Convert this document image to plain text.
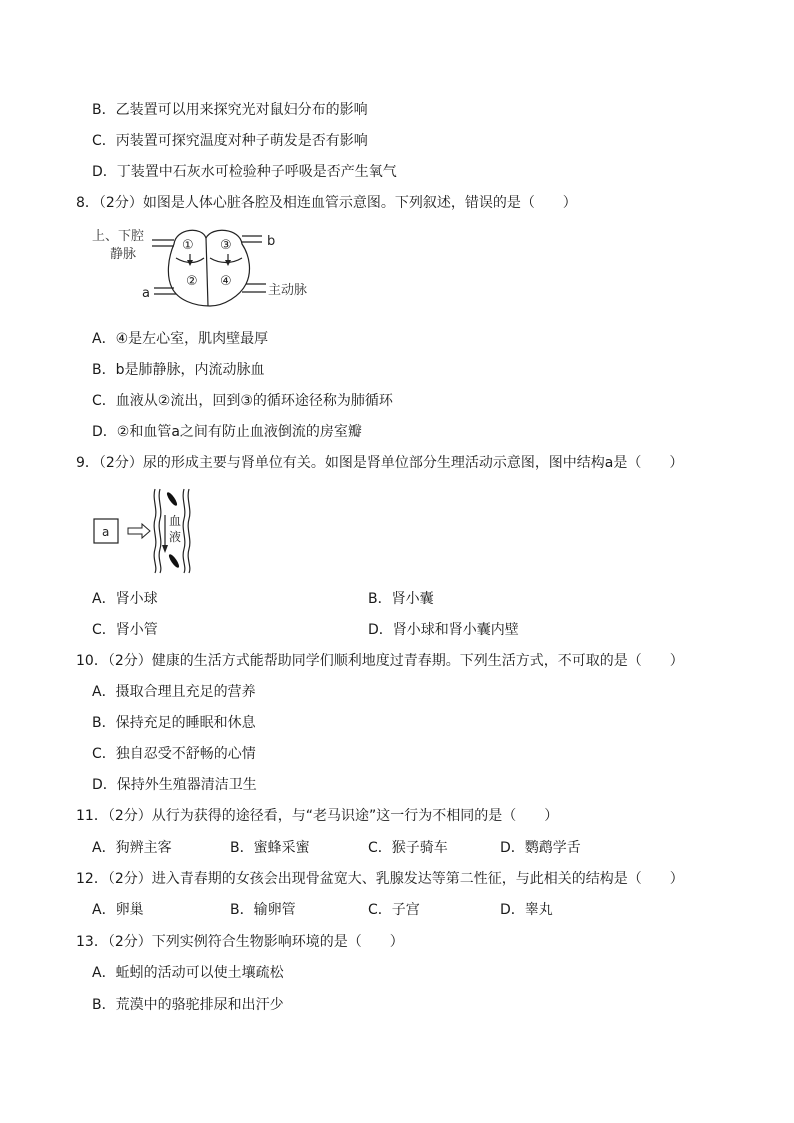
B．乙装置可以用来探究光对鼠妇分布的影响
C．丙装置可探究温度对种子萌发是否有影响
D．丁装置中石灰水可检验种子呼吸是否产生氧气
8．（2分）如图是人体心脏各腔及相连血管示意图。下列叙述，错误的是（　　）
上、下腔
静脉
① ③
② ④
b
a	主动脉
A．④是左心室，肌肉壁最厚
B．b是肺静脉，内流动脉血
C．血液从②流出，回到③的循环途径称为肺循环
D．②和血管a之间有防止血液倒流的房室瓣
9．（2分）尿的形成主要与肾单位有关。如图是肾单位部分生理活动示意图，图中结构a是（　　）
a
血
液
A．肾小球	B．肾小囊
C．肾小管	D．肾小球和肾小囊内壁
10．（2分）健康的生活方式能帮助同学们顺利地度过青春期。下列生活方式，不可取的是（　　）
A．摄取合理且充足的营养
B．保持充足的睡眠和休息
C．独自忍受不舒畅的心情
D．保持外生殖器清洁卫生
11．（2分）从行为获得的途径看，与“老马识途”这一行为不相同的是（　　）
A．狗辨主客	B．蜜蜂采蜜	C．猴子骑车	D．鹦鹉学舌
12．（2分）进入青春期的女孩会出现骨盆宽大、乳腺发达等第二性征，与此相关的结构是（　　）
A．卵巢	B．输卵管	C．子宫	D．睾丸
13．（2分）下列实例符合生物影响环境的是（　　）
A．蚯蚓的活动可以使土壤疏松
B．荒漠中的骆驼排尿和出汗少
